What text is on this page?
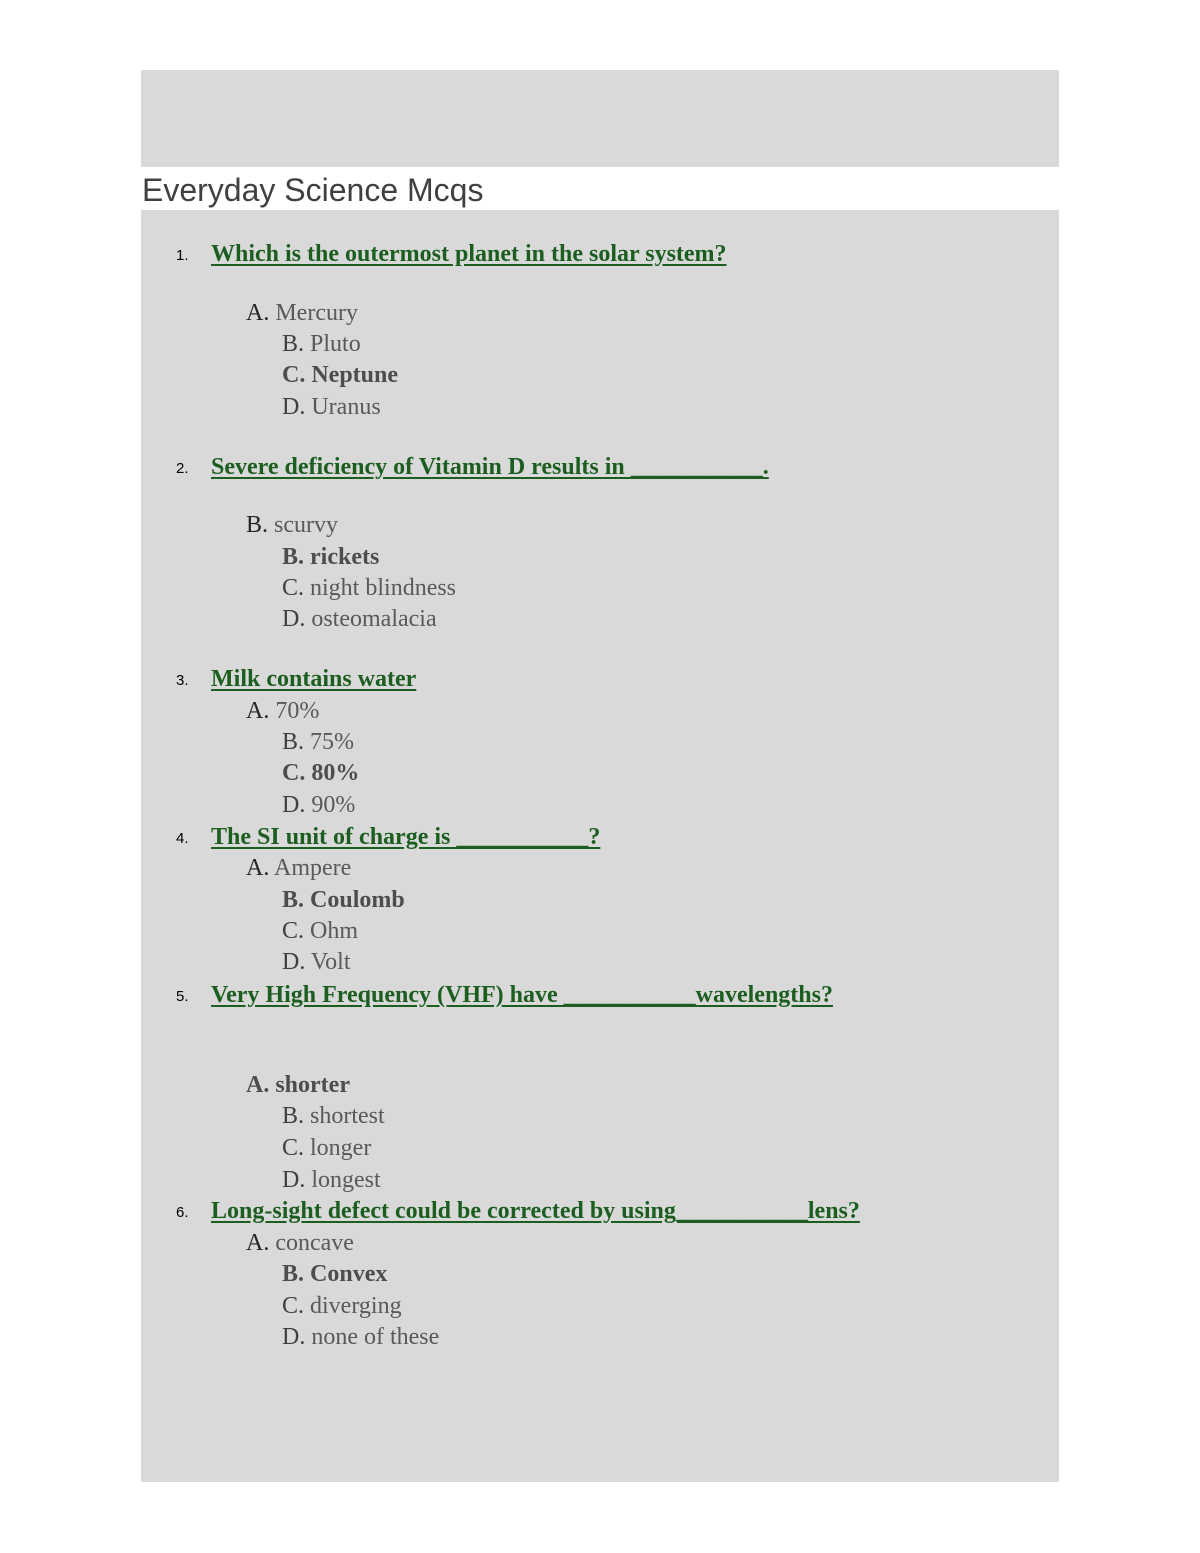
Everyday Science Mcqs
1. Which is the outermost planet in the solar system?
A. Mercury
B. Pluto
C. Neptune
D. Uranus
2. Severe deficiency of Vitamin D results in ___________.
B. scurvy
B. rickets
C. night blindness
D. osteomalacia
3. Milk contains water
A. 70%
B. 75%
C. 80%
D. 90%
4. The SI unit of charge is ___________?
A. Ampere
B. Coulomb
C. Ohm
D. Volt
5. Very High Frequency (VHF) have ___________wavelengths?
A. shorter
B. shortest
C. longer
D. longest
6. Long-sight defect could be corrected by using___________lens?
A. concave
B. Convex
C. diverging
D. none of these
